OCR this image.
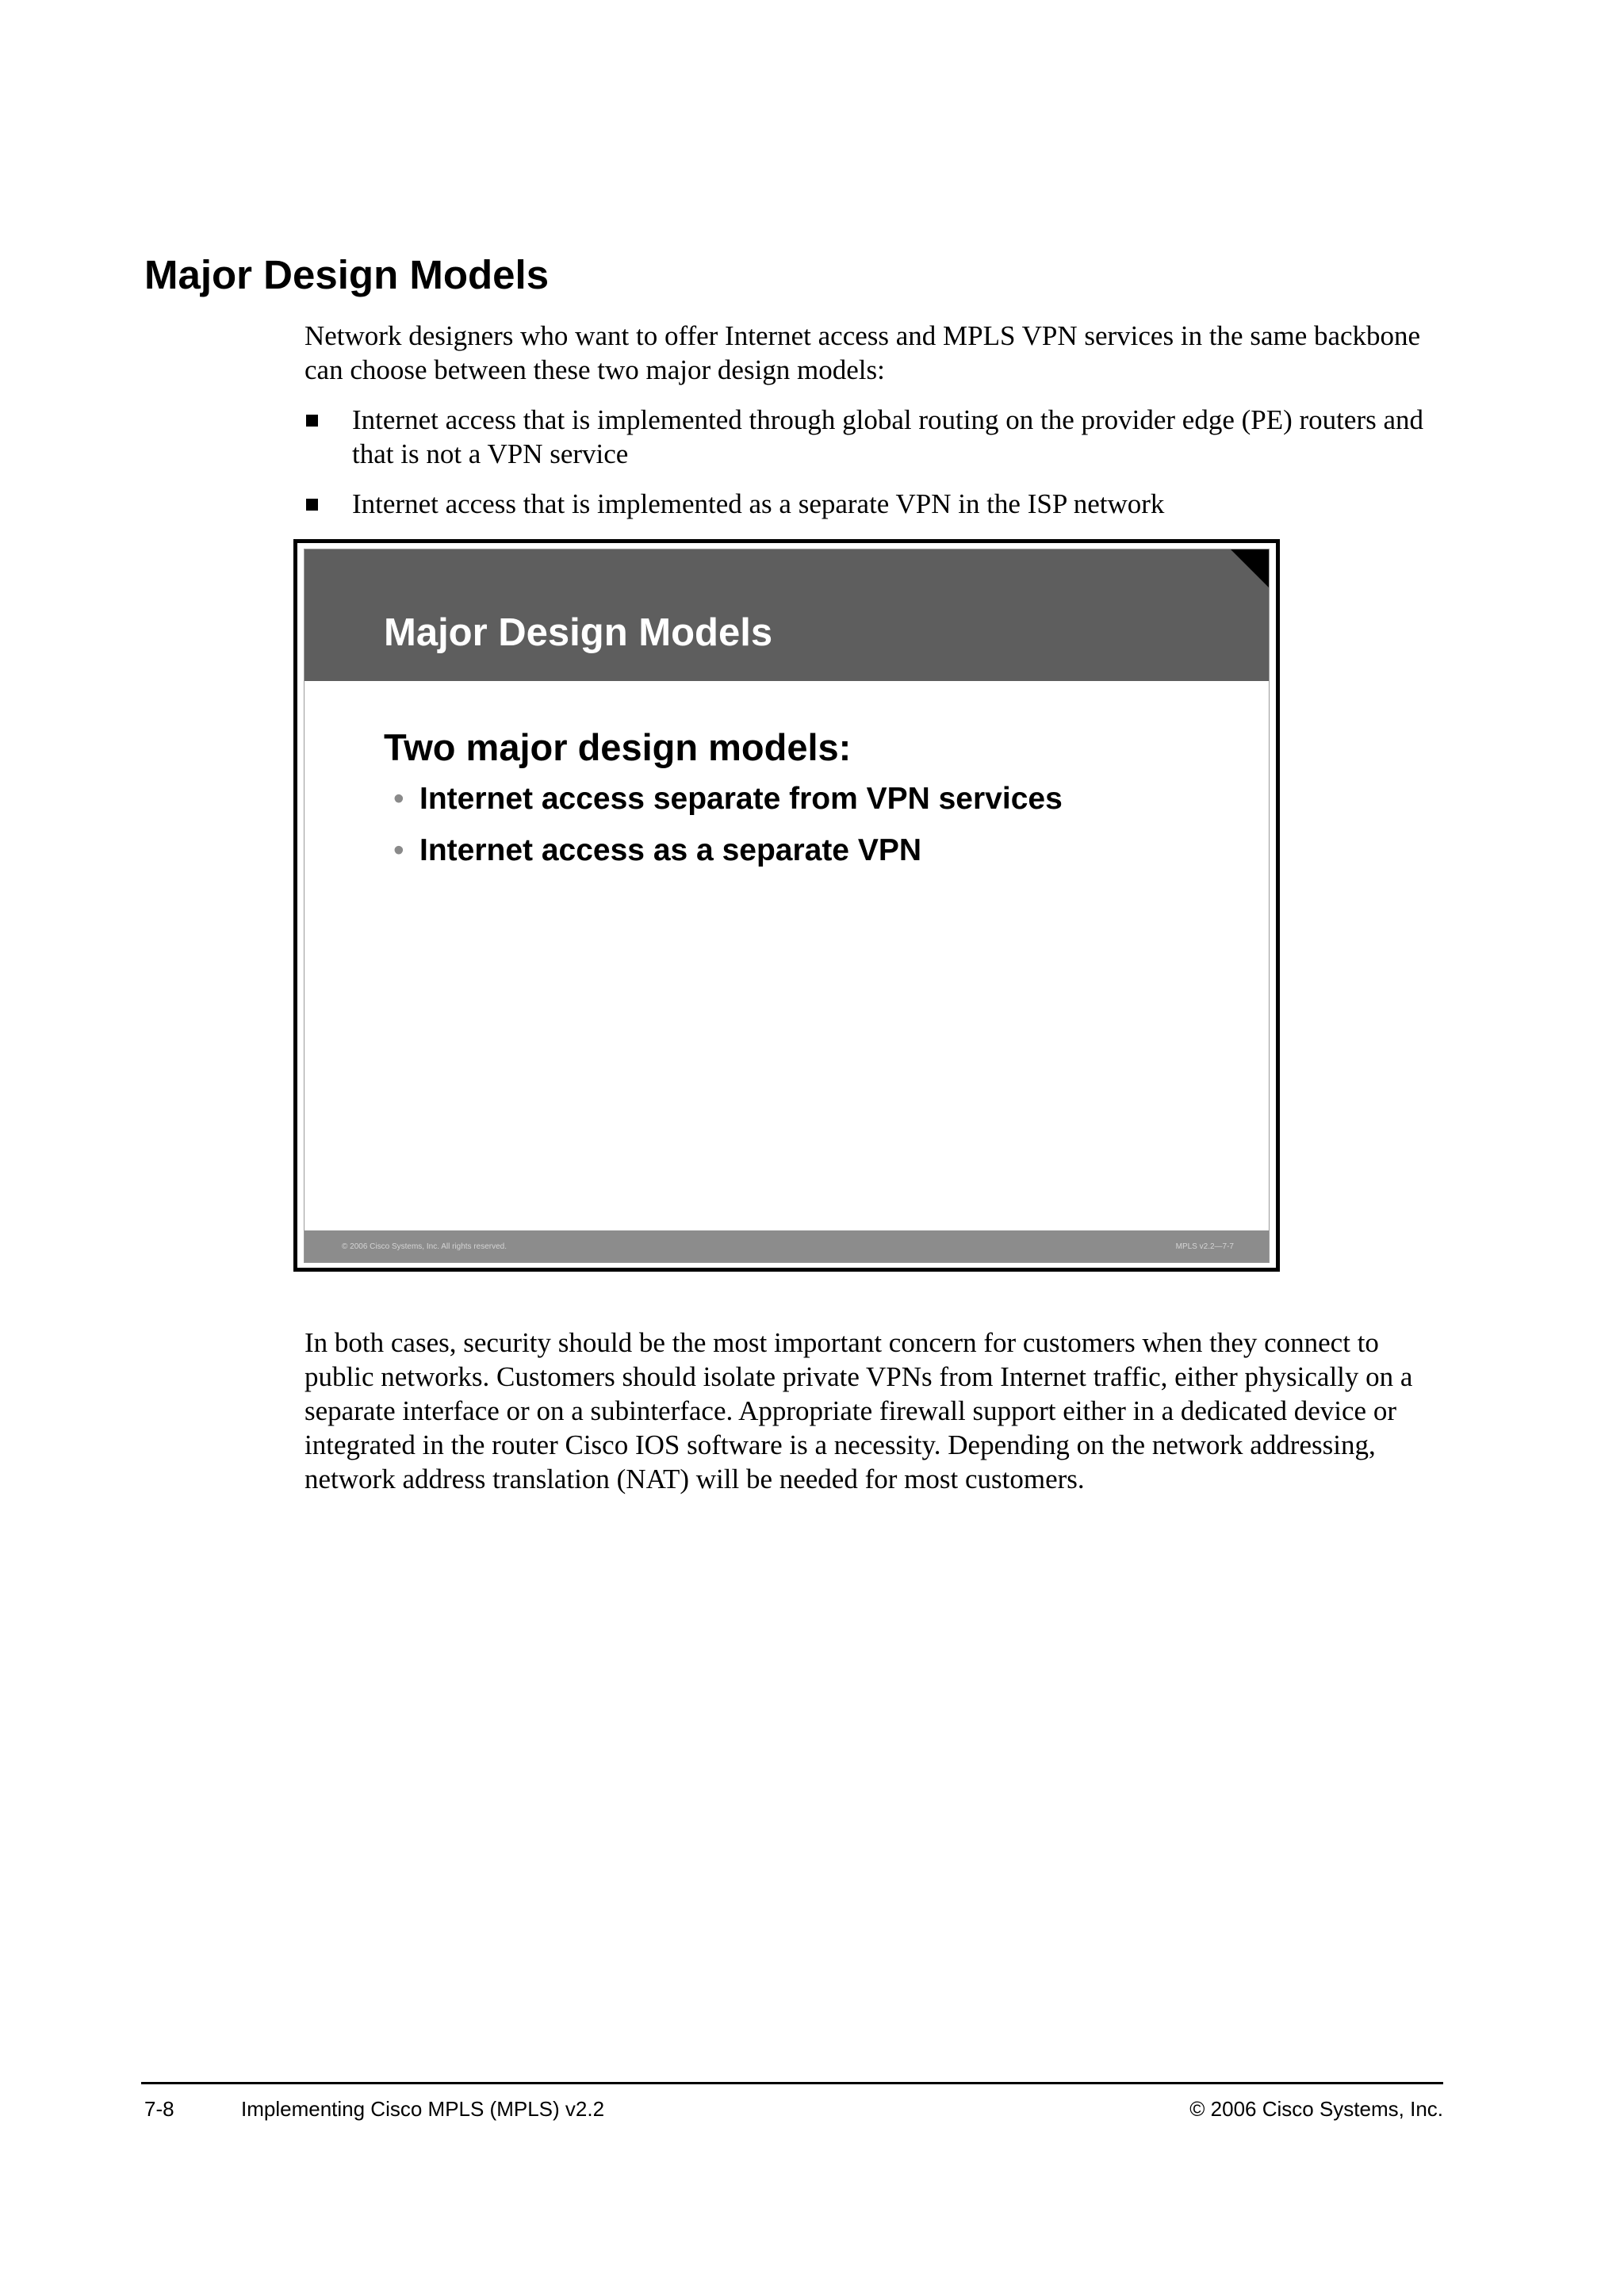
Major Design Models

Network designers who want to offer Internet access and MPLS VPN services in the same backbone can choose between these two major design models:

Internet access that is implemented through global routing on the provider edge (PE) routers and that is not a VPN service
Internet access that is implemented as a separate VPN in the ISP network
Major Design Models
Two major design models:
• Internet access separate from VPN services
• Internet access as a separate VPN
© 2006 Cisco Systems, Inc. All rights reserved.	MPLS v2.2—7-7

In both cases, security should be the most important concern for customers when they connect to public networks. Customers should isolate private VPNs from Internet traffic, either physically on a separate interface or on a subinterface. Appropriate firewall support either in a dedicated device or integrated in the router Cisco IOS software is a necessity. Depending on the network addressing, network address translation (NAT) will be needed for most customers.

7-8	Implementing Cisco MPLS (MPLS) v2.2	© 2006 Cisco Systems, Inc.
